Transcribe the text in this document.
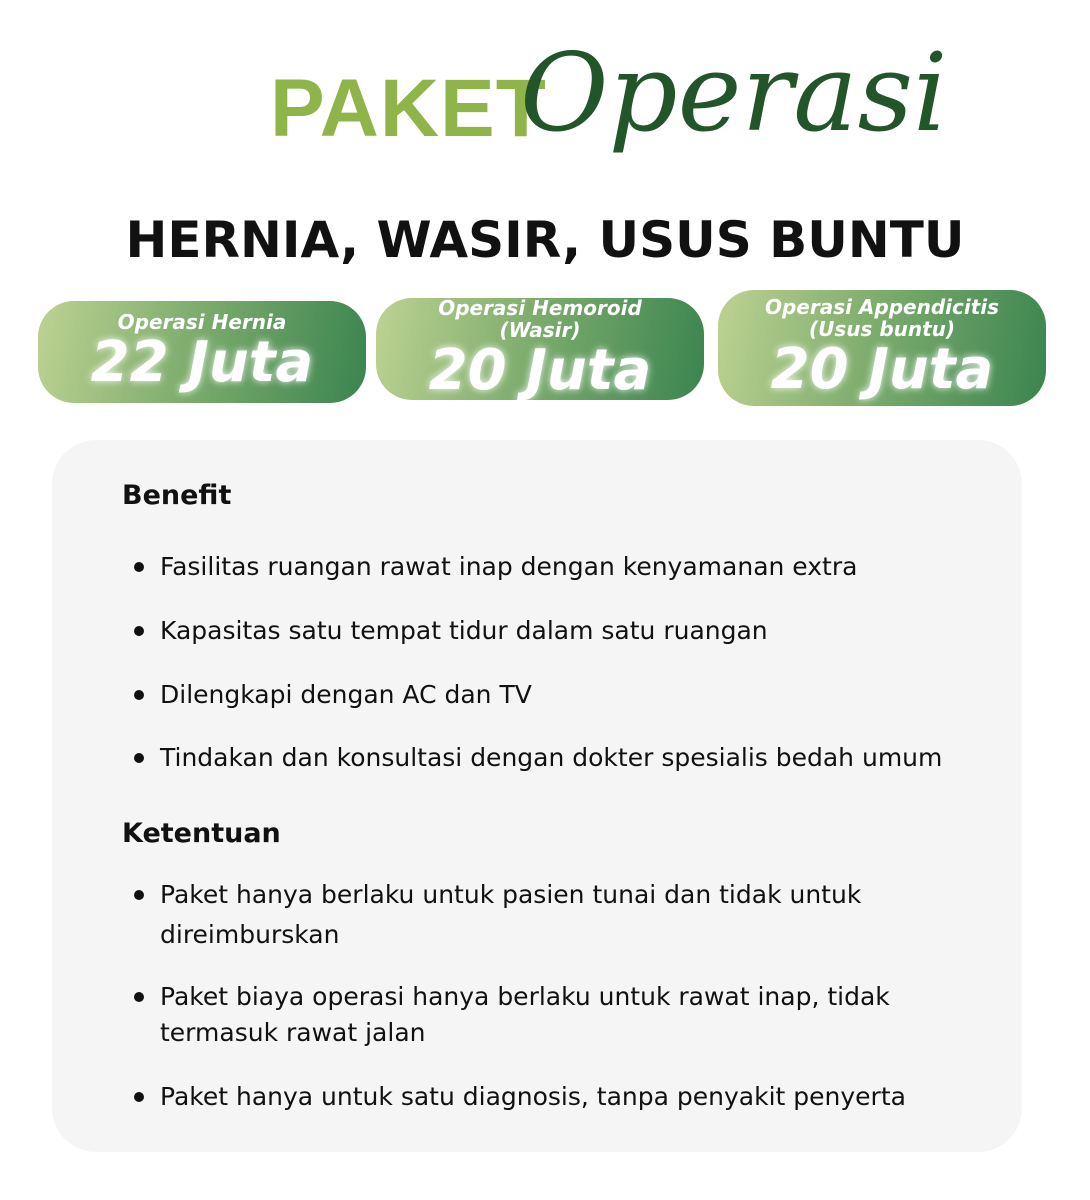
PAKET
Operasi
HERNIA, WASIR, USUS BUNTU
Operasi Hernia
22 Juta
Operasi Hemoroid (Wasir)
20 Juta
Operasi Appendicitis (Usus buntu)
20 Juta
Benefit
Fasilitas ruangan rawat inap dengan kenyamanan extra
Kapasitas satu tempat tidur dalam satu ruangan
Dilengkapi dengan AC dan TV
Tindakan dan konsultasi dengan dokter spesialis bedah umum
Ketentuan
Paket hanya berlaku untuk pasien tunai dan tidak untuk direimburskan
Paket biaya operasi hanya berlaku untuk rawat inap, tidak termasuk rawat jalan
Paket hanya untuk satu diagnosis, tanpa penyakit penyerta
